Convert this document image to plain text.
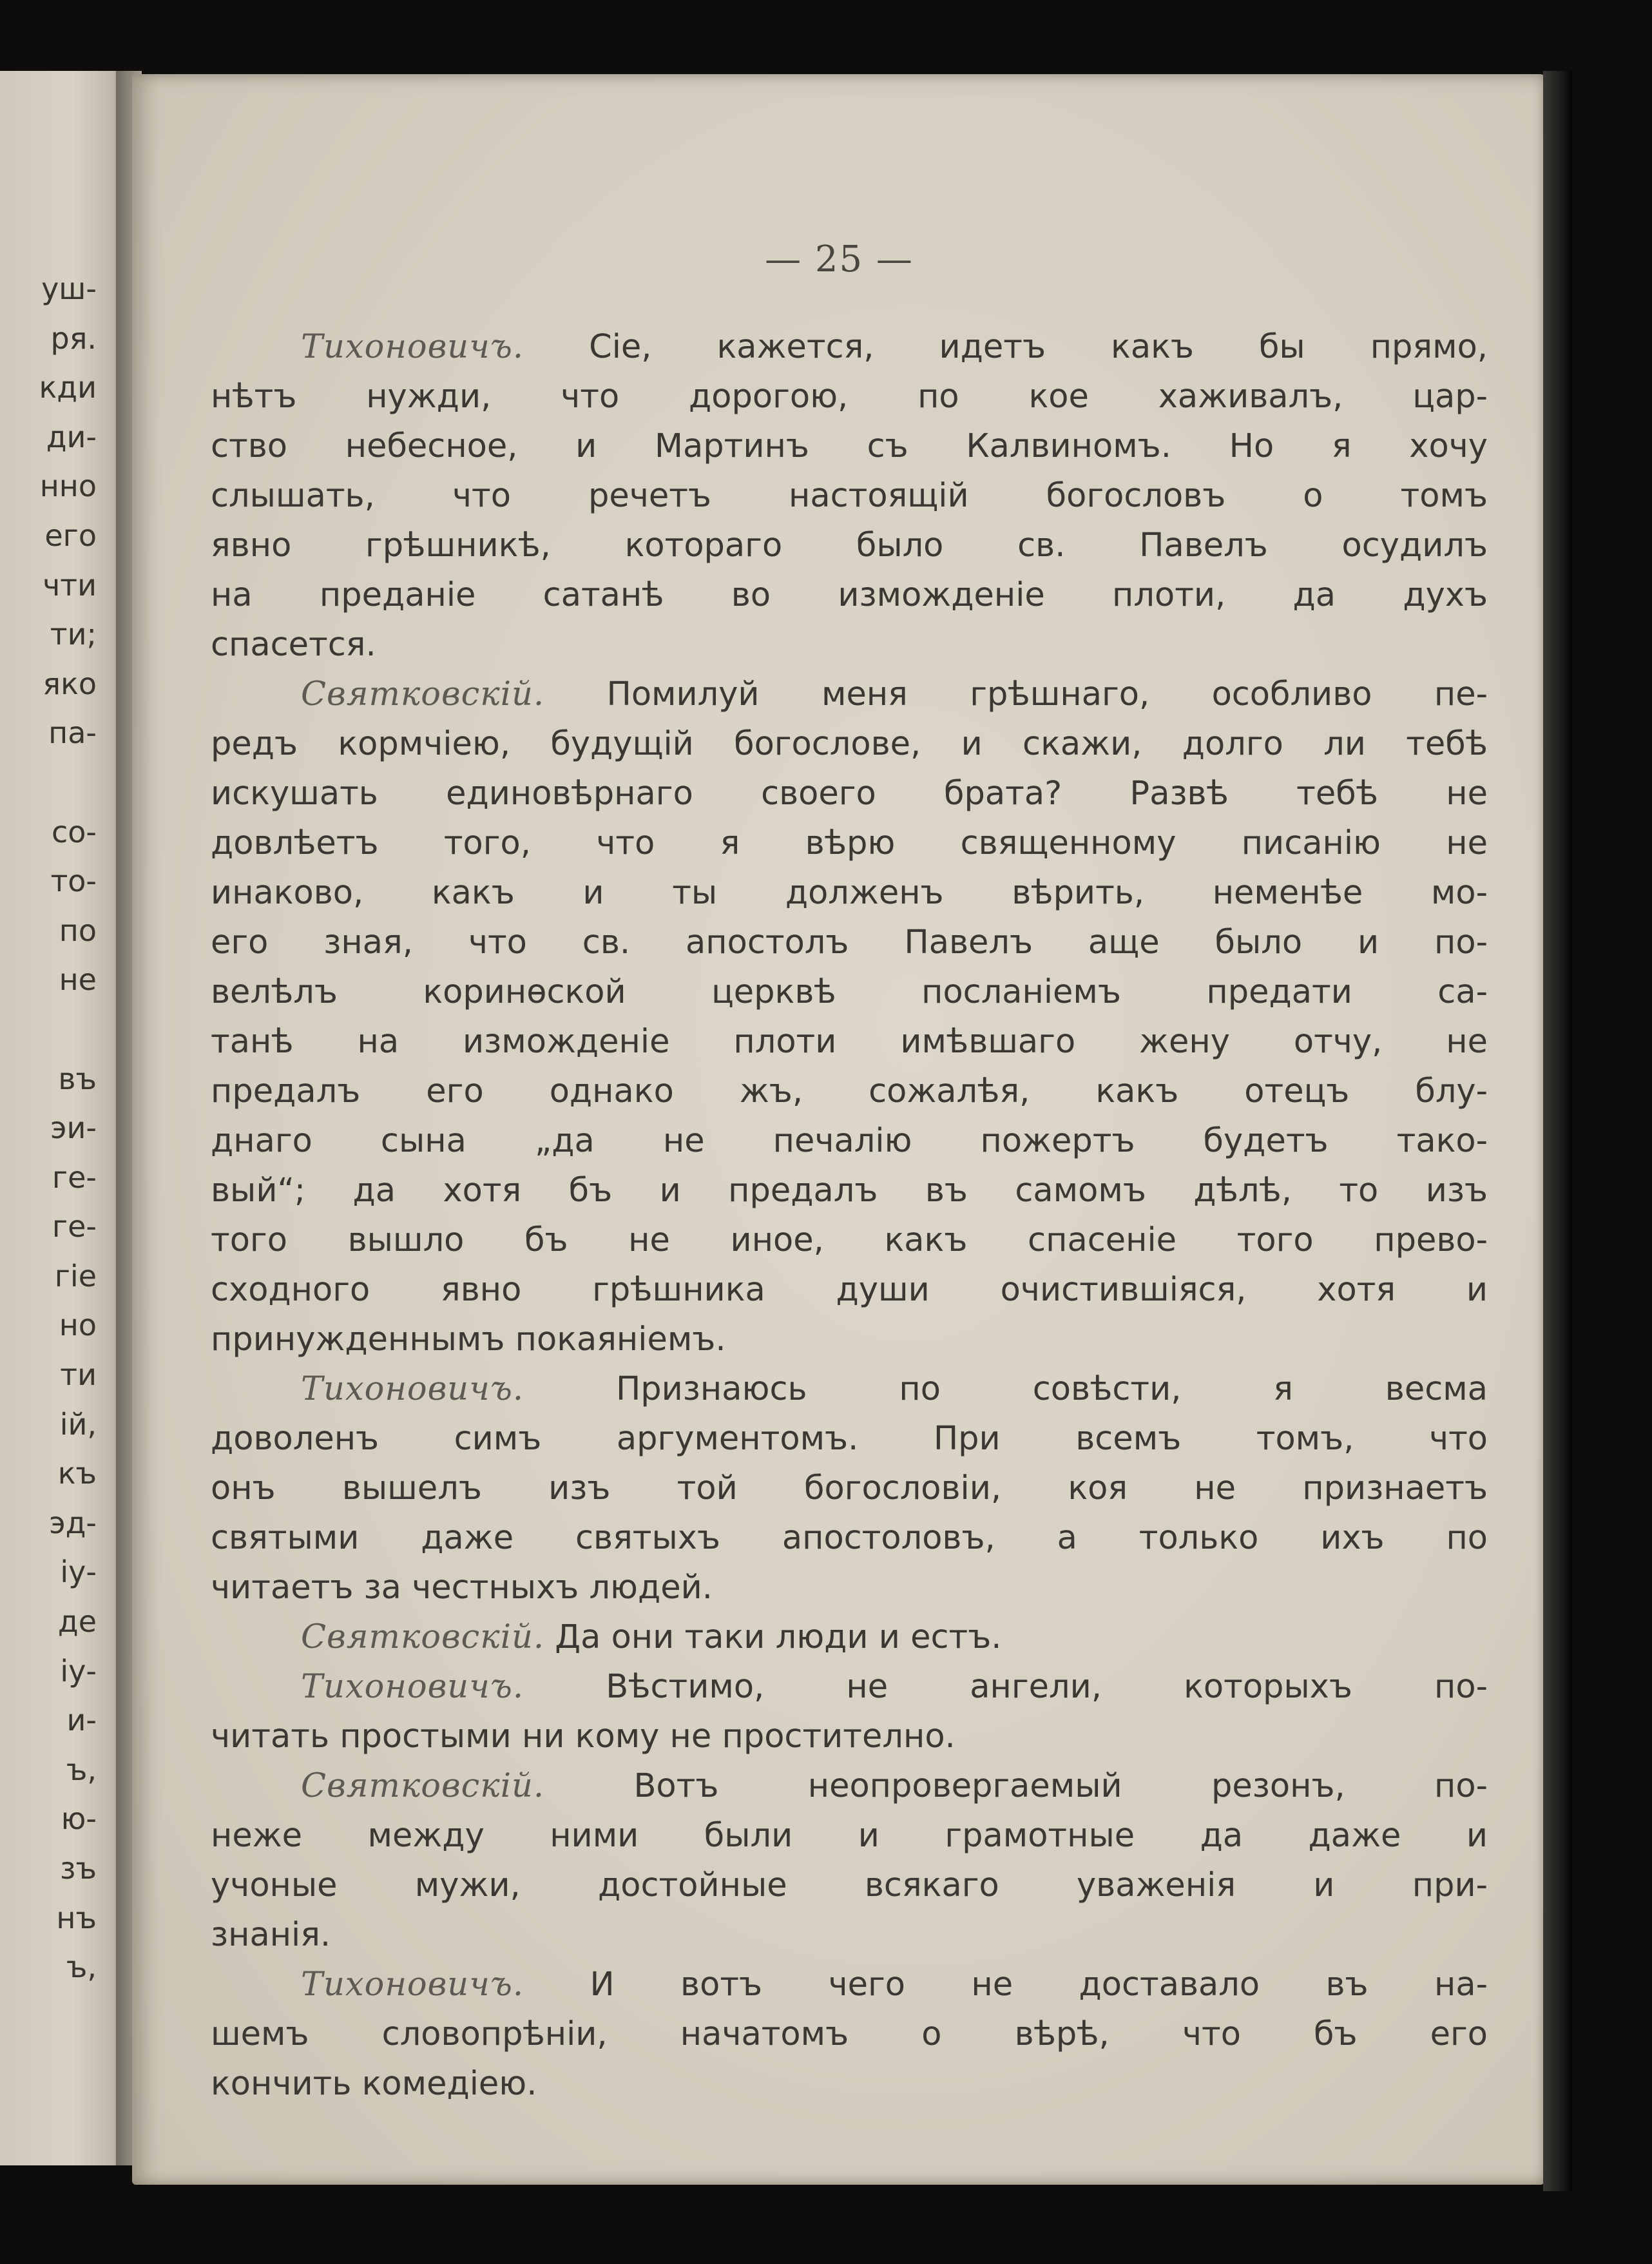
уш-
ря.
кди
ди-
нно
его
чти
ти;
яко
па-
со-
то-
по
не
въ
эи-
ге-
ге-
гіе
но
ти
ій,
къ
эд-
iу-
де
iу-
и-
ъ,
ю-
зъ
нъ
ъ,
— 25 —
Тихоновичъ. Сіе, кажется, идетъ какъ бы прямо,
нѣтъ нужди, что дорогою, по кое хаживалъ, цар-
ство небесное, и Мартинъ съ Калвиномъ. Но я хочу
слышать, что речетъ настоящій богословъ о томъ
явно грѣшникѣ, котораго было св. Павелъ осудилъ
на преданіе сатанѣ во изможденіе плоти, да духъ
спасется.
Святковскій. Помилуй меня грѣшнаго, особливо пе-
редъ кормчіею, будущій богослове, и скажи, долго ли тебѣ
искушать единовѣрнаго своего брата? Развѣ тебѣ не
довлѣетъ того, что я вѣрю священному писанію не
инаково, какъ и ты долженъ вѣрить, неменѣе мо-
его зная, что св. апостолъ Павелъ аще было и по-
велѣлъ коринѳской церквѣ посланіемъ предати са-
танѣ на изможденіе плоти имѣвшаго жену отчу, не
предалъ его однако жъ, сожалѣя, какъ отецъ блу-
днаго сына „да не печалію пожертъ будетъ тако-
вый“; да хотя бъ и предалъ въ самомъ дѣлѣ, то изъ
того вышло бъ не иное, какъ спасеніе того прево-
сходного явно грѣшника души очистившіяся, хотя и
принужденнымъ покаяніемъ.
Тихоновичъ.	Признаюсь по совѣсти, я весма
доволенъ симъ аргументомъ. При всемъ томъ, что
онъ вышелъ изъ той богословіи, коя не признаетъ
святыми даже святыхъ апостоловъ, а только ихъ по
читаетъ за честныхъ людей.
Святковскій. Да они таки люди и естъ.
Тихоновичъ. Вѣстимо, не ангели, которыхъ по-
читать простыми ни кому не простително.
Святковскій.	Вотъ неопровергаемый резонъ, по-
неже между ними были и грамотные да даже и
учоные мужи, достойные всякаго уваженія и при-
знанія.
Тихоновичъ. И вотъ чего не доставало въ на-
шемъ словопрѣніи, начатомъ о вѣрѣ, что бъ его
кончить комедіею.
